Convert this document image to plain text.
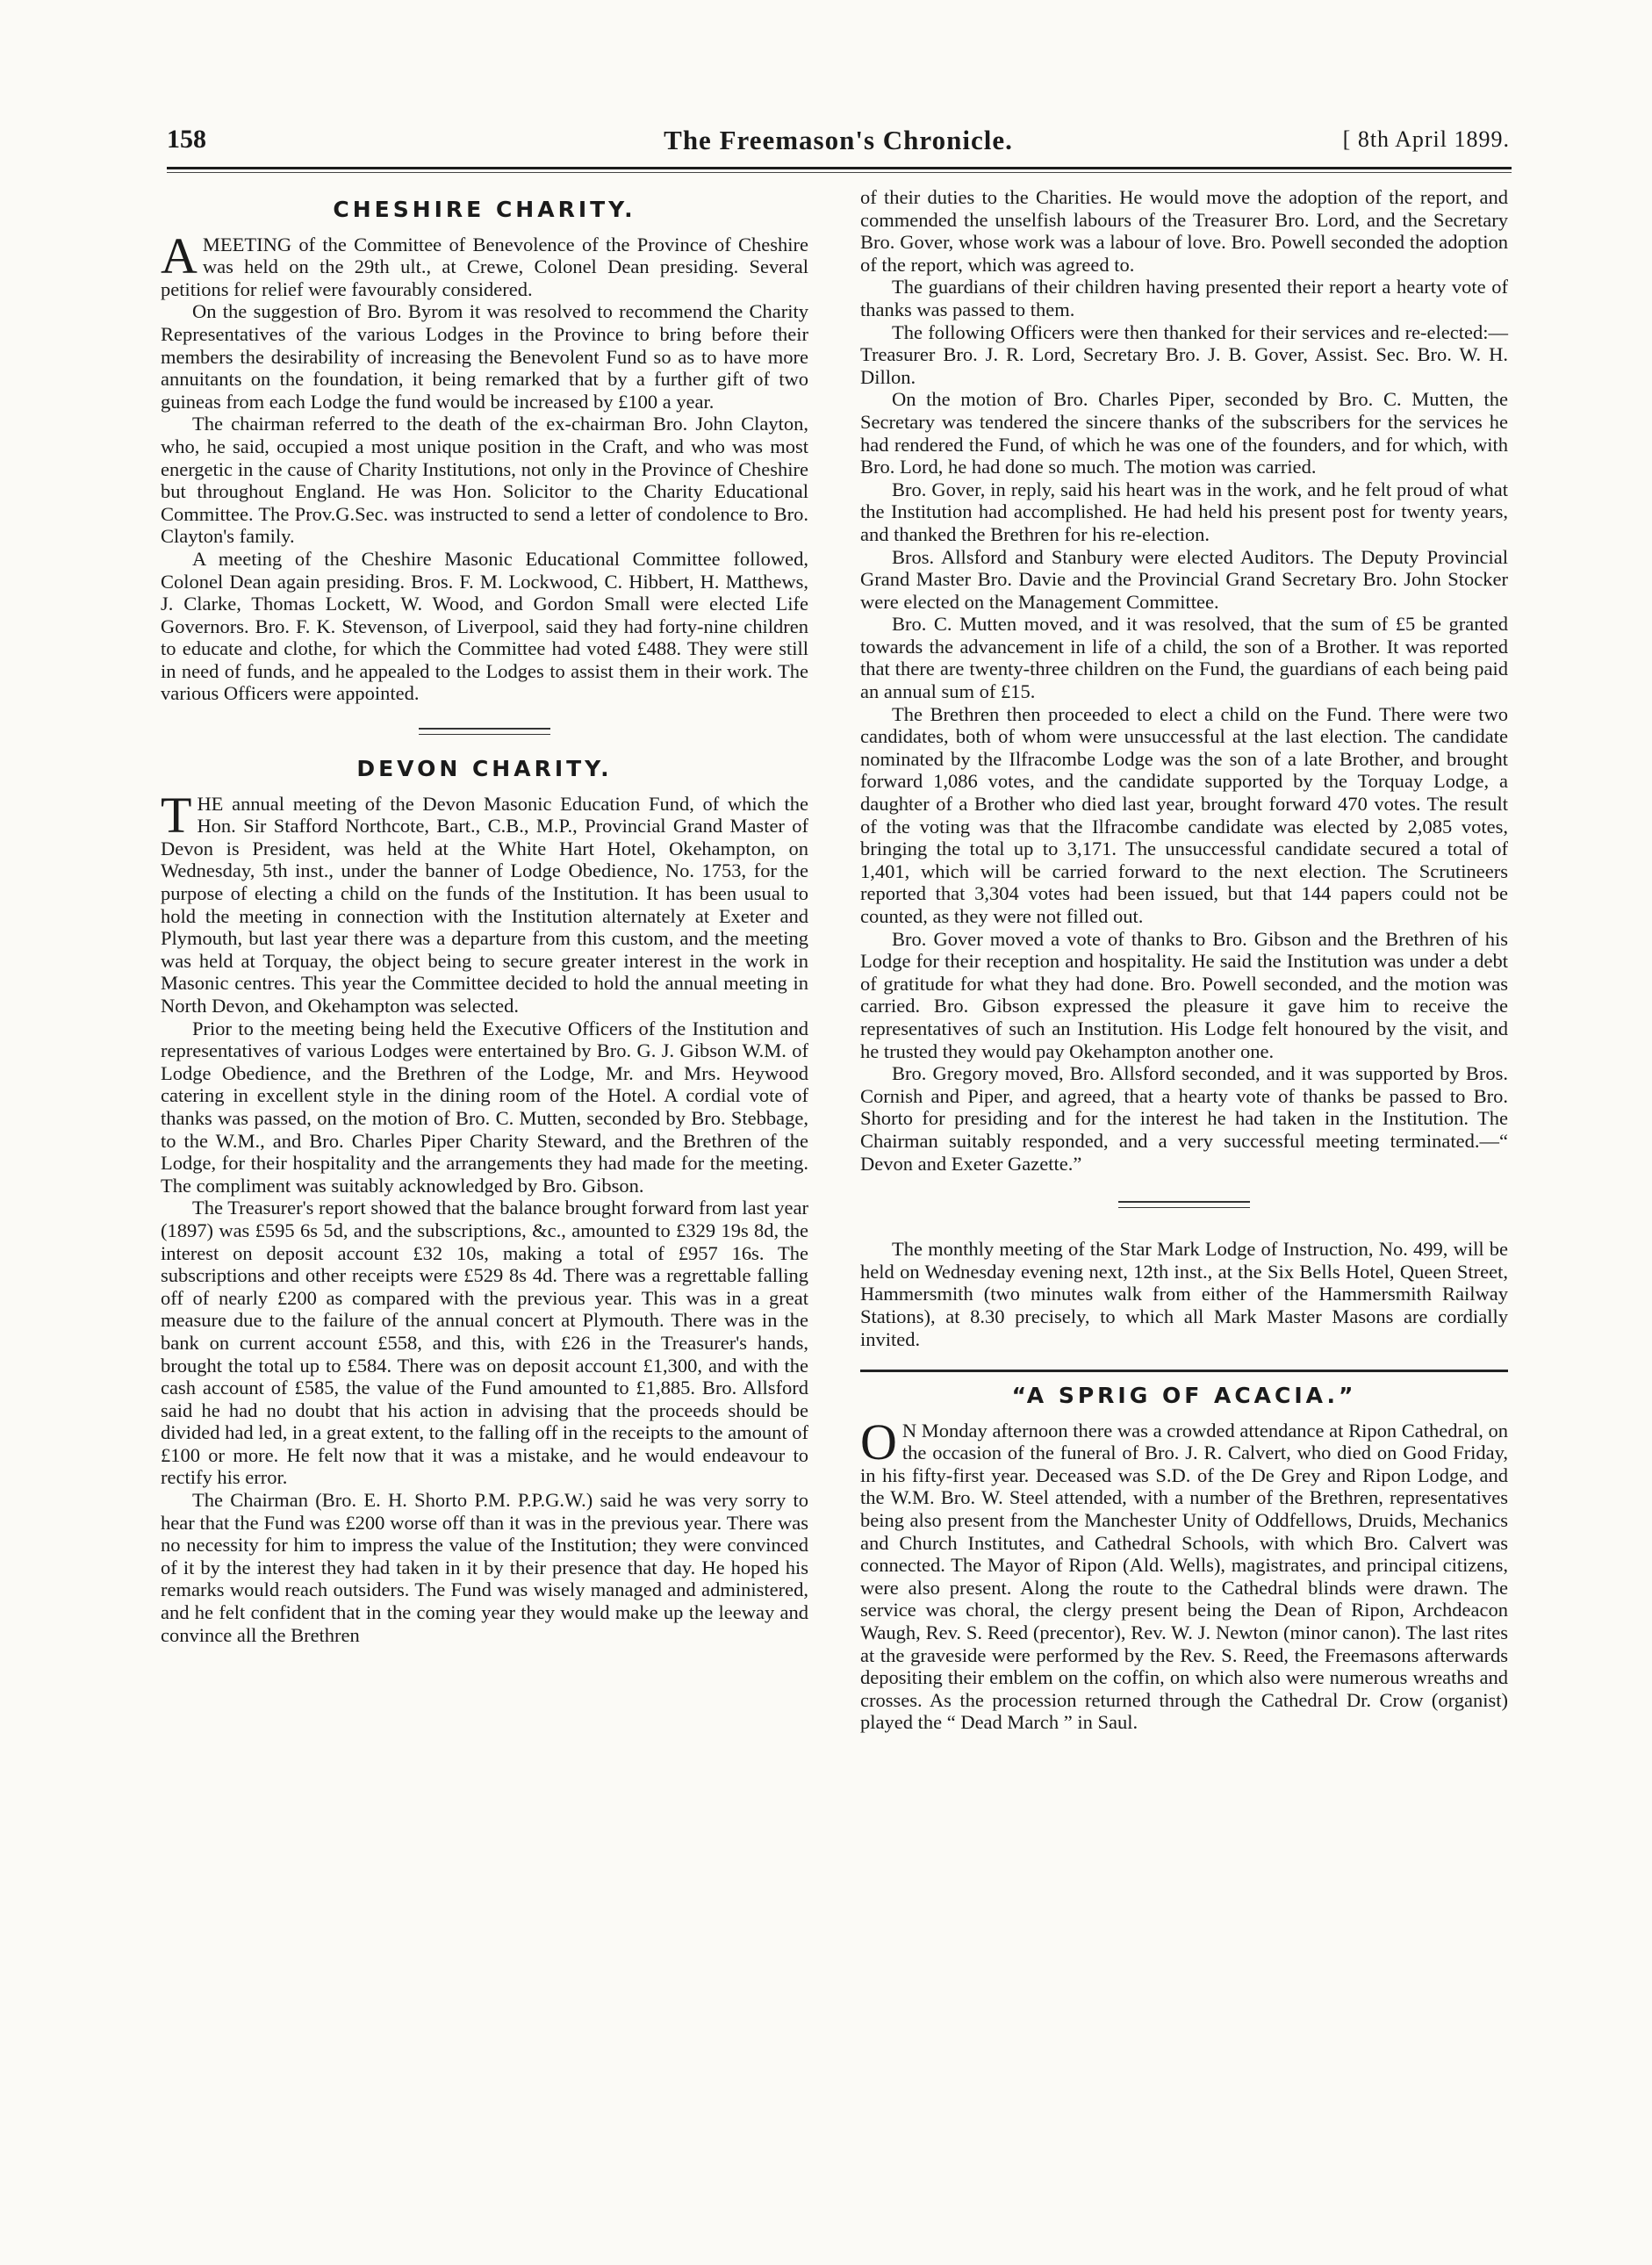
158	The Freemason's Chronicle.	[ 8th April 1899.
CHESHIRE CHARITY.

AMEETING of the Committee of Benevolence of the Province of Cheshire was held on the 29th ult., at Crewe, Colonel Dean presiding. Several petitions for relief were favourably considered.

On the suggestion of Bro. Byrom it was resolved to recommend the Charity Representatives of the various Lodges in the Province to bring before their members the desirability of increasing the Benevolent Fund so as to have more annuitants on the foundation, it being remarked that by a further gift of two guineas from each Lodge the fund would be increased by £100 a year.

The chairman referred to the death of the ex-chairman Bro. John Clayton, who, he said, occupied a most unique position in the Craft, and who was most energetic in the cause of Charity Institutions, not only in the Province of Cheshire but throughout England. He was Hon. Solicitor to the Charity Educational Committee. The Prov.G.Sec. was instructed to send a letter of condolence to Bro. Clayton's family.

A meeting of the Cheshire Masonic Educational Committee followed, Colonel Dean again presiding. Bros. F. M. Lockwood, C. Hibbert, H. Matthews, J. Clarke, Thomas Lockett, W. Wood, and Gordon Small were elected Life Governors. Bro. F. K. Stevenson, of Liverpool, said they had forty-nine children to educate and clothe, for which the Committee had voted £488. They were still in need of funds, and he appealed to the Lodges to assist them in their work. The various Officers were appointed.

DEVON CHARITY.

THE annual meeting of the Devon Masonic Education Fund, of which the Hon. Sir Stafford Northcote, Bart., C.B., M.P., Provincial Grand Master of Devon is President, was held at the White Hart Hotel, Okehampton, on Wednesday, 5th inst., under the banner of Lodge Obedience, No. 1753, for the purpose of electing a child on the funds of the Institution. It has been usual to hold the meeting in connection with the Institution alternately at Exeter and Plymouth, but last year there was a departure from this custom, and the meeting was held at Torquay, the object being to secure greater interest in the work in Masonic centres. This year the Committee decided to hold the annual meeting in North Devon, and Okehampton was selected.

Prior to the meeting being held the Executive Officers of the Institution and representatives of various Lodges were entertained by Bro. G. J. Gibson W.M. of Lodge Obedience, and the Brethren of the Lodge, Mr. and Mrs. Heywood catering in excellent style in the dining room of the Hotel. A cordial vote of thanks was passed, on the motion of Bro. C. Mutten, seconded by Bro. Stebbage, to the W.M., and Bro. Charles Piper Charity Steward, and the Brethren of the Lodge, for their hospitality and the arrangements they had made for the meeting. The compliment was suitably acknowledged by Bro. Gibson.

The Treasurer's report showed that the balance brought forward from last year (1897) was £595 6s 5d, and the subscriptions, &c., amounted to £329 19s 8d, the interest on deposit account £32 10s, making a total of £957 16s. The subscriptions and other receipts were £529 8s 4d. There was a regrettable falling off of nearly £200 as compared with the previous year. This was in a great measure due to the failure of the annual concert at Plymouth. There was in the bank on current account £558, and this, with £26 in the Treasurer's hands, brought the total up to £584. There was on deposit account £1,300, and with the cash account of £585, the value of the Fund amounted to £1,885. Bro. Allsford said he had no doubt that his action in advising that the proceeds should be divided had led, in a great extent, to the falling off in the receipts to the amount of £100 or more. He felt now that it was a mistake, and he would endeavour to rectify his error.

The Chairman (Bro. E. H. Shorto P.M. P.P.G.W.) said he was very sorry to hear that the Fund was £200 worse off than it was in the previous year. There was no necessity for him to impress the value of the Institution; they were convinced of it by the interest they had taken in it by their presence that day. He hoped his remarks would reach outsiders. The Fund was wisely managed and administered, and he felt confident that in the coming year they would make up the leeway and convince all the Brethren

of their duties to the Charities. He would move the adoption of the report, and commended the unselfish labours of the Treasurer Bro. Lord, and the Secretary Bro. Gover, whose work was a labour of love. Bro. Powell seconded the adoption of the report, which was agreed to.

The guardians of their children having presented their report a hearty vote of thanks was passed to them.

The following Officers were then thanked for their services and re-elected:—Treasurer Bro. J. R. Lord, Secretary Bro. J. B. Gover, Assist. Sec. Bro. W. H. Dillon.

On the motion of Bro. Charles Piper, seconded by Bro. C. Mutten, the Secretary was tendered the sincere thanks of the subscribers for the services he had rendered the Fund, of which he was one of the founders, and for which, with Bro. Lord, he had done so much. The motion was carried.

Bro. Gover, in reply, said his heart was in the work, and he felt proud of what the Institution had accomplished. He had held his present post for twenty years, and thanked the Brethren for his re-election.

Bros. Allsford and Stanbury were elected Auditors. The Deputy Provincial Grand Master Bro. Davie and the Provincial Grand Secretary Bro. John Stocker were elected on the Management Committee.

Bro. C. Mutten moved, and it was resolved, that the sum of £5 be granted towards the advancement in life of a child, the son of a Brother. It was reported that there are twenty-three children on the Fund, the guardians of each being paid an annual sum of £15.

The Brethren then proceeded to elect a child on the Fund. There were two candidates, both of whom were unsuccessful at the last election. The candidate nominated by the Ilfracombe Lodge was the son of a late Brother, and brought forward 1,086 votes, and the candidate supported by the Torquay Lodge, a daughter of a Brother who died last year, brought forward 470 votes. The result of the voting was that the Ilfracombe candidate was elected by 2,085 votes, bringing the total up to 3,171. The unsuccessful candidate secured a total of 1,401, which will be carried forward to the next election. The Scrutineers reported that 3,304 votes had been issued, but that 144 papers could not be counted, as they were not filled out.

Bro. Gover moved a vote of thanks to Bro. Gibson and the Brethren of his Lodge for their reception and hospitality. He said the Institution was under a debt of gratitude for what they had done. Bro. Powell seconded, and the motion was carried. Bro. Gibson expressed the pleasure it gave him to receive the representatives of such an Institution. His Lodge felt honoured by the visit, and he trusted they would pay Okehampton another one.

Bro. Gregory moved, Bro. Allsford seconded, and it was supported by Bros. Cornish and Piper, and agreed, that a hearty vote of thanks be passed to Bro. Shorto for presiding and for the interest he had taken in the Institution. The Chairman suitably responded, and a very successful meeting terminated.—“ Devon and Exeter Gazette.”

The monthly meeting of the Star Mark Lodge of Instruction, No. 499, will be held on Wednesday evening next, 12th inst., at the Six Bells Hotel, Queen Street, Hammersmith (two minutes walk from either of the Hammersmith Railway Stations), at 8.30 precisely, to which all Mark Master Masons are cordially invited.

“A SPRIG OF ACACIA.”

ON Monday afternoon there was a crowded attendance at Ripon Cathedral, on the occasion of the funeral of Bro. J. R. Calvert, who died on Good Friday, in his fifty-first year. Deceased was S.D. of the De Grey and Ripon Lodge, and the W.M. Bro. W. Steel attended, with a number of the Brethren, representatives being also present from the Manchester Unity of Oddfellows, Druids, Mechanics and Church Institutes, and Cathedral Schools, with which Bro. Calvert was connected. The Mayor of Ripon (Ald. Wells), magistrates, and principal citizens, were also present. Along the route to the Cathedral blinds were drawn. The service was choral, the clergy present being the Dean of Ripon, Archdeacon Waugh, Rev. S. Reed (precentor), Rev. W. J. Newton (minor canon). The last rites at the graveside were performed by the Rev. S. Reed, the Freemasons afterwards depositing their emblem on the coffin, on which also were numerous wreaths and crosses. As the procession returned through the Cathedral Dr. Crow (organist) played the “ Dead March ” in Saul.
